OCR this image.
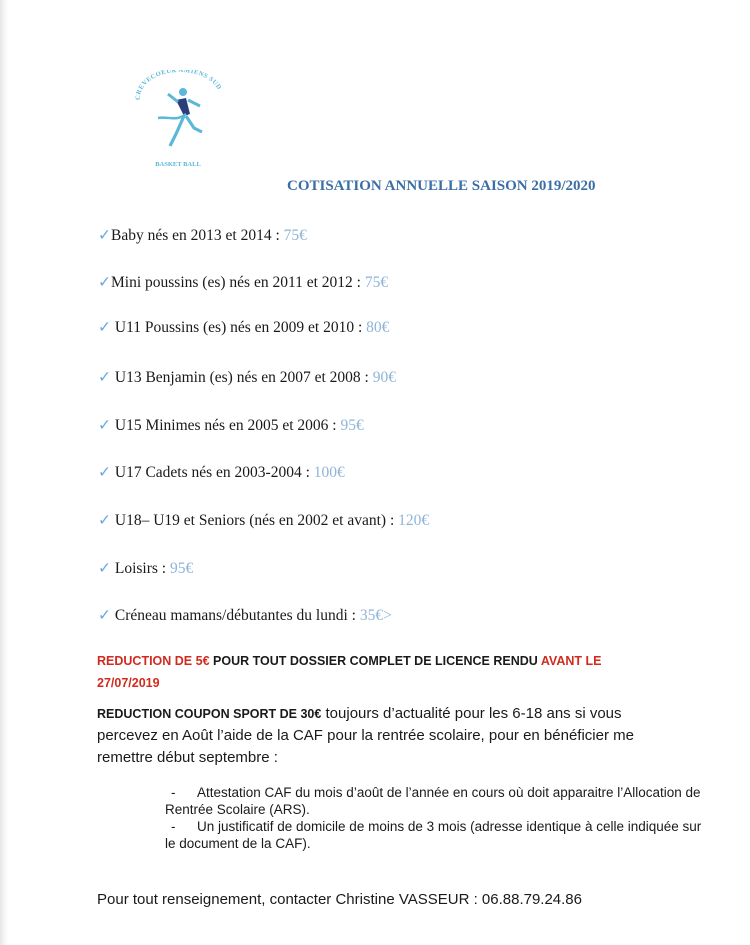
CREVECOEUR AMIENS SUD
BASKET BALL
COTISATION ANNUELLE SAISON 2019/2020
✓Baby nés en 2013 et 2014 : 75€
✓Mini poussins (es) nés en 2011 et 2012 : 75€
✓ U11 Poussins (es) nés en 2009 et 2010 : 80€
✓ U13 Benjamin (es) nés en 2007 et 2008 : 90€
✓ U15 Minimes nés en 2005 et 2006 : 95€
✓ U17 Cadets nés en 2003-2004 : 100€
✓ U18– U19 et Seniors (nés en 2002 et avant) : 120€
✓ Loisirs : 95€
✓ Créneau mamans/débutantes du lundi : 35€>
REDUCTION DE 5€ POUR TOUT DOSSIER COMPLET DE LICENCE RENDU AVANT LE 27/07/2019
REDUCTION COUPON SPORT DE 30€ toujours d’actualité pour les 6-18 ans si vous percevez en Août l’aide de la CAF pour la rentrée scolaire, pour en bénéficier me remettre début septembre :
-	Attestation CAF du mois d’août de l’année en cours où doit apparaitre l’Allocation de Rentrée Scolaire (ARS).
-	Un justificatif de domicile de moins de 3 mois (adresse identique à celle indiquée sur le document de la CAF).
Pour tout renseignement, contacter Christine VASSEUR : 06.88.79.24.86
